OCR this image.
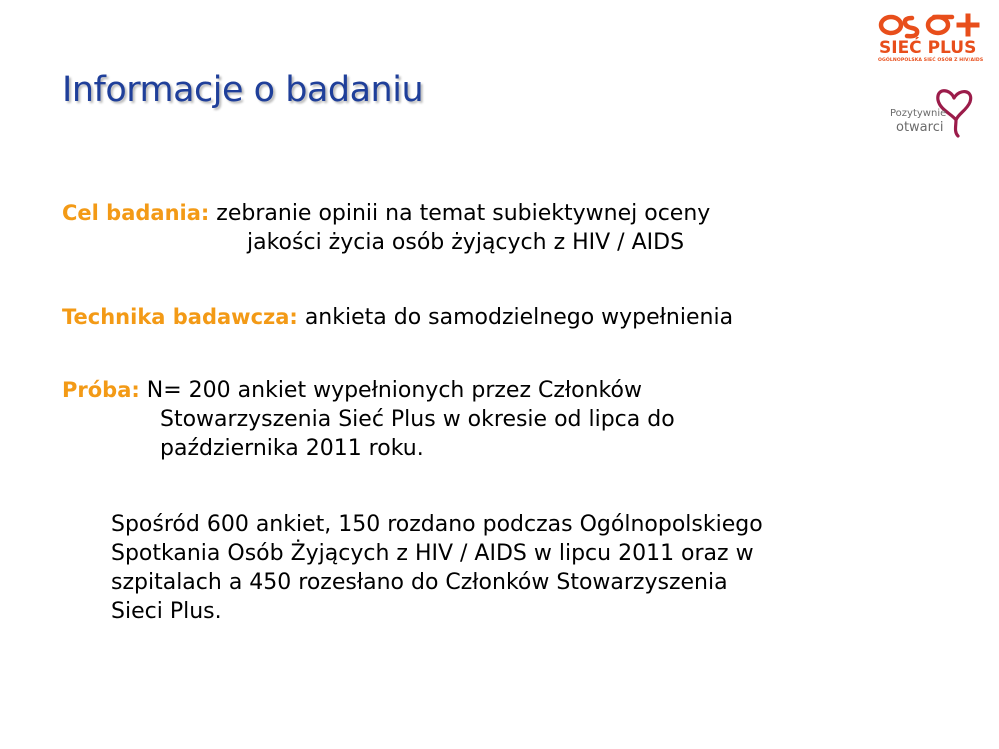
Informacje o badaniu
SIEĆ PLUS
OGÓLNOPOLSKA SIEĆ OSÓB Z HIV/AIDS
Pozytywnie
otwarci
Cel badania: zebranie opinii na temat subiektywnej oceny
jakości życia osób żyjących z HIV / AIDS
Technika badawcza: ankieta do samodzielnego wypełnienia
Próba: N= 200 ankiet wypełnionych przez Członków
Stowarzyszenia Sieć Plus w okresie od lipca do
października 2011 roku.
Spośród 600 ankiet, 150 rozdano podczas Ogólnopolskiego
Spotkania Osób Żyjących z HIV / AIDS w lipcu 2011 oraz w
szpitalach a 450 rozesłano do Członków Stowarzyszenia
Sieci Plus.
